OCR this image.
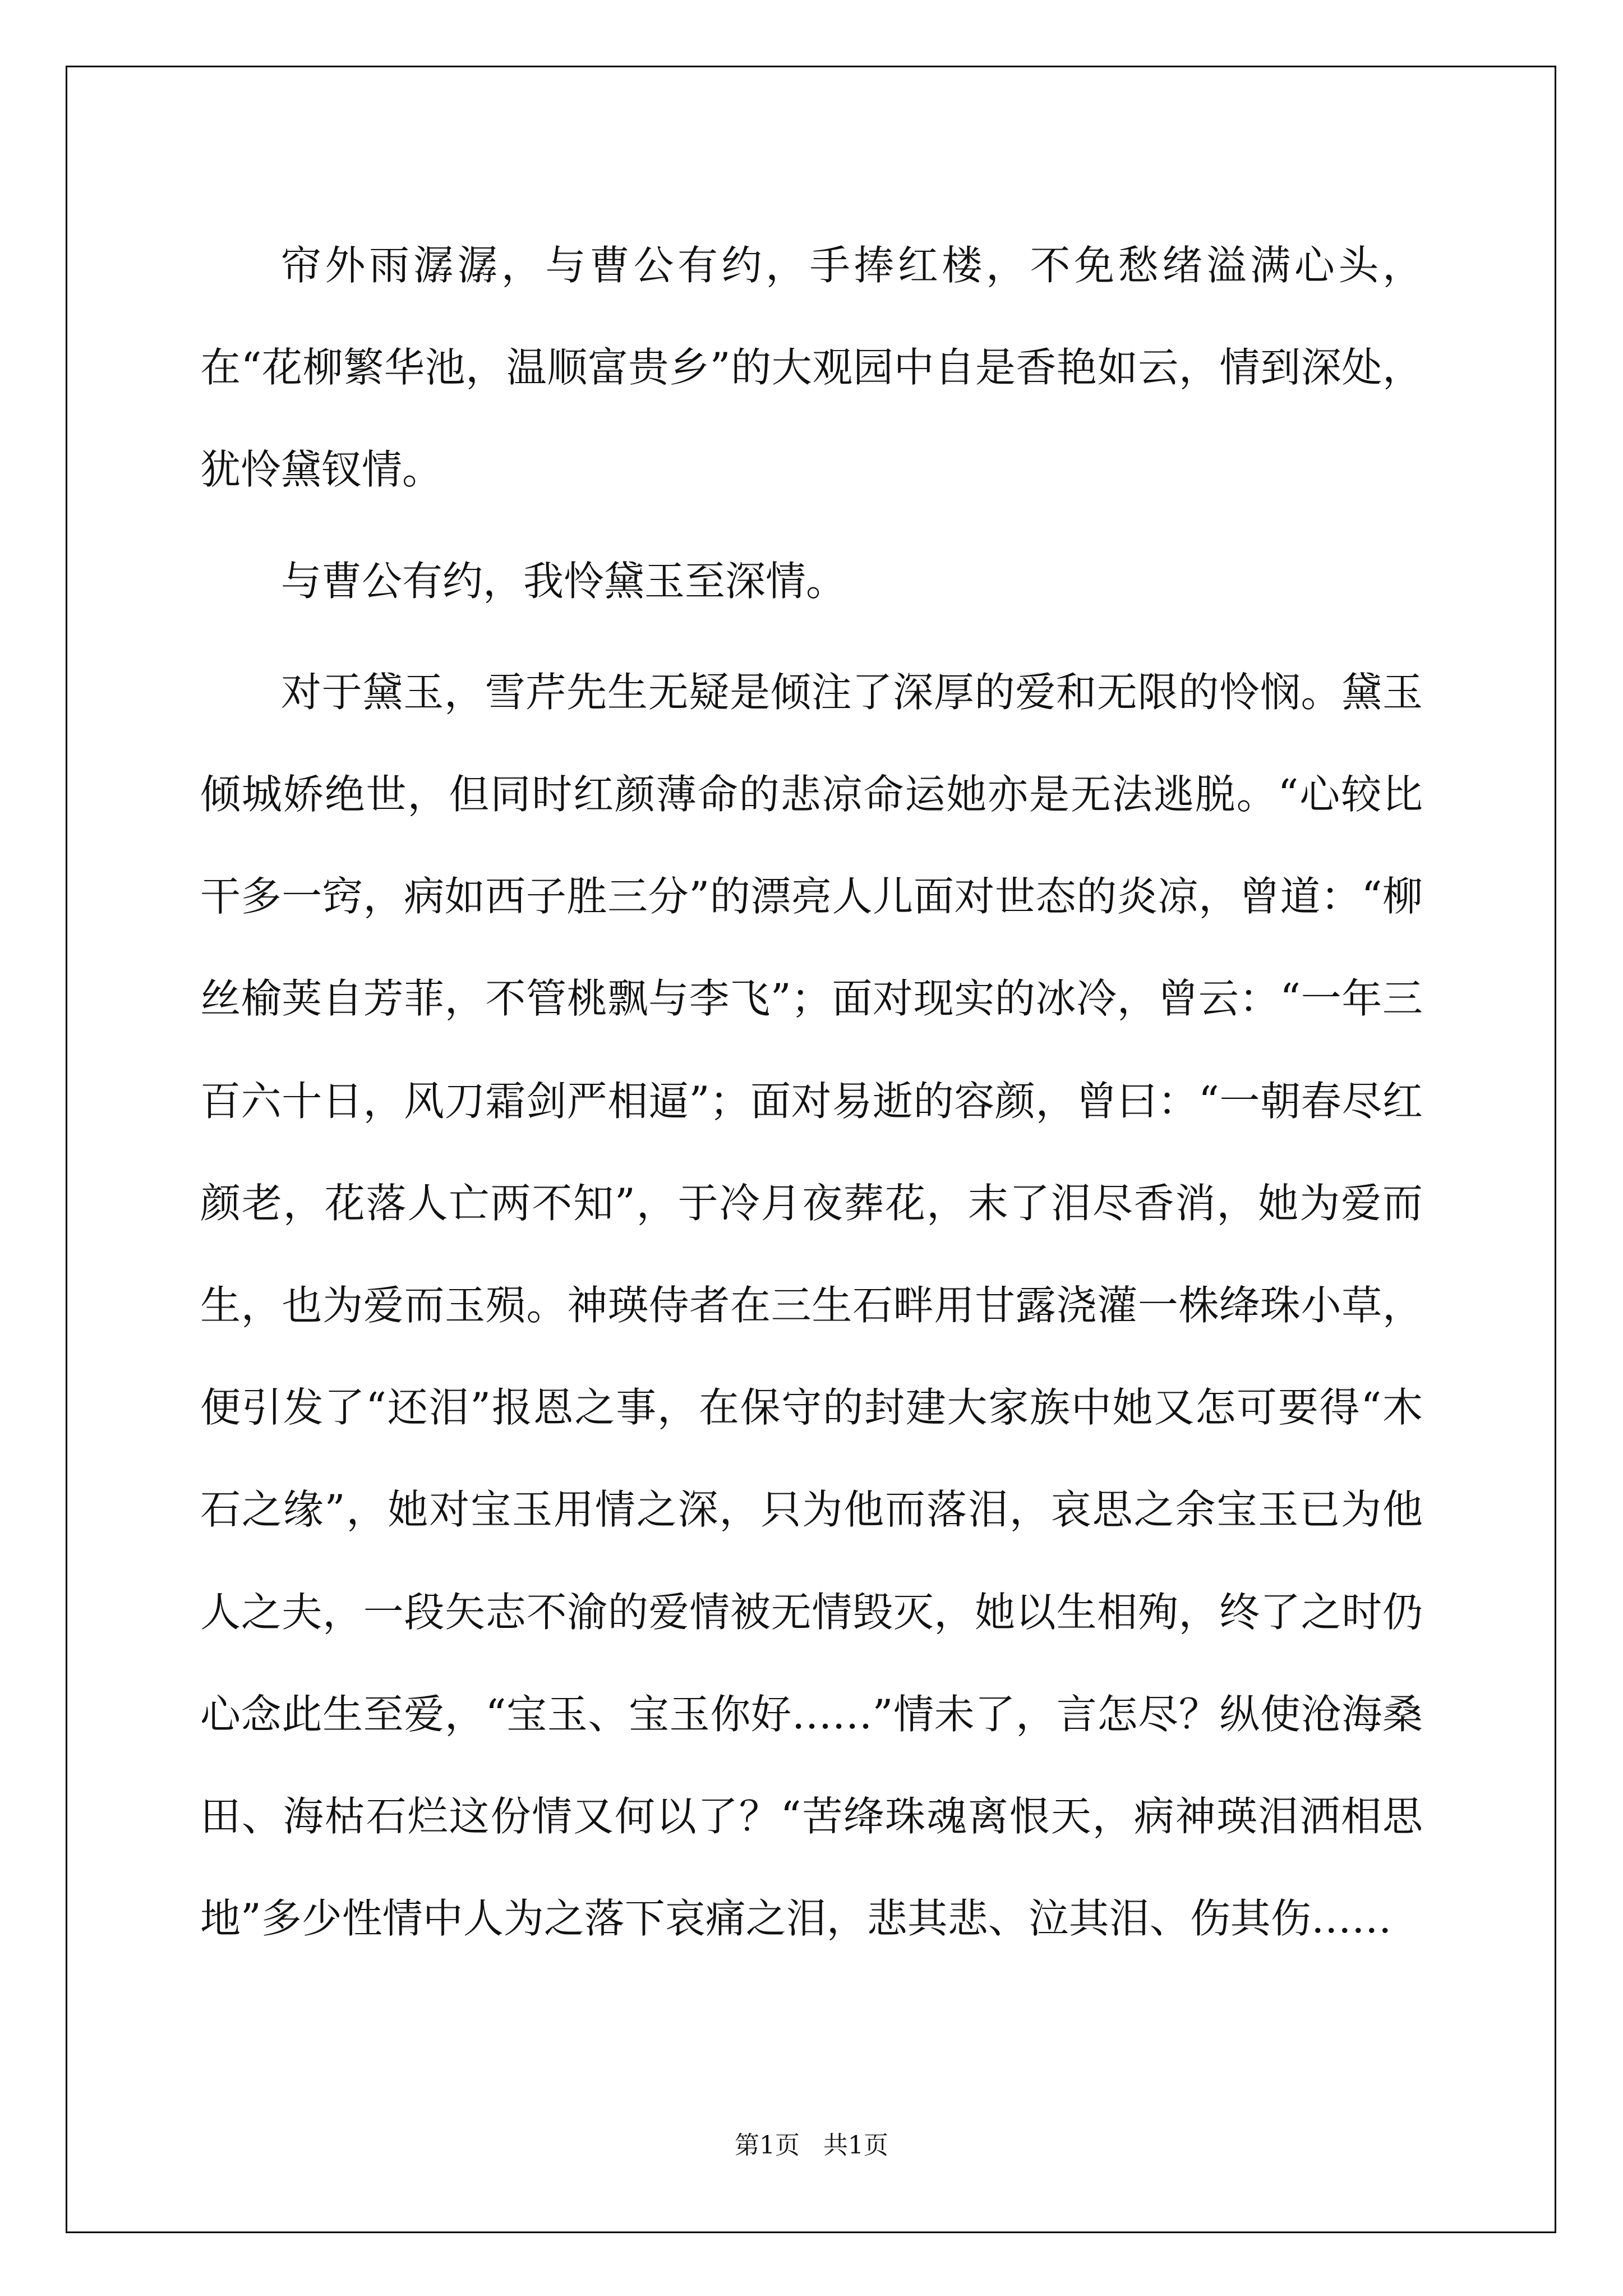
帘外雨潺潺，与曹公有约，手捧红楼，不免愁绪溢满心头，在“花柳繁华池，温顺富贵乡”的大观园中自是香艳如云，情到深处，犹怜黛钗情。

与曹公有约，我怜黛玉至深情。

对于黛玉，雪芹先生无疑是倾注了深厚的爱和无限的怜悯。黛玉倾城娇绝世，但同时红颜薄命的悲凉命运她亦是无法逃脱。“心较比干多一窍，病如西子胜三分”的漂亮人儿面对世态的炎凉，曾道：“柳丝榆荚自芳菲，不管桃飘与李飞”；面对现实的冰冷，曾云：“一年三百六十日，风刀霜剑严相逼”；面对易逝的容颜，曾曰：“一朝春尽红颜老，花落人亡两不知”，于冷月夜葬花，末了泪尽香消，她为爱而生，也为爱而玉殒。神瑛侍者在三生石畔用甘露浇灌一株绛珠小草，便引发了“还泪”报恩之事，在保守的封建大家族中她又怎可要得“木石之缘”，她对宝玉用情之深，只为他而落泪，哀思之余宝玉已为他人之夫，一段矢志不渝的爱情被无情毁灭，她以生相殉，终了之时仍心念此生至爱，“宝玉、宝玉你好……”情未了，言怎尽？纵使沧海桑田、海枯石烂这份情又何以了？“苦绛珠魂离恨天，病神瑛泪洒相思地”多少性情中人为之落下哀痛之泪，悲其悲、泣其泪、伤其伤……

第1页 共1页
